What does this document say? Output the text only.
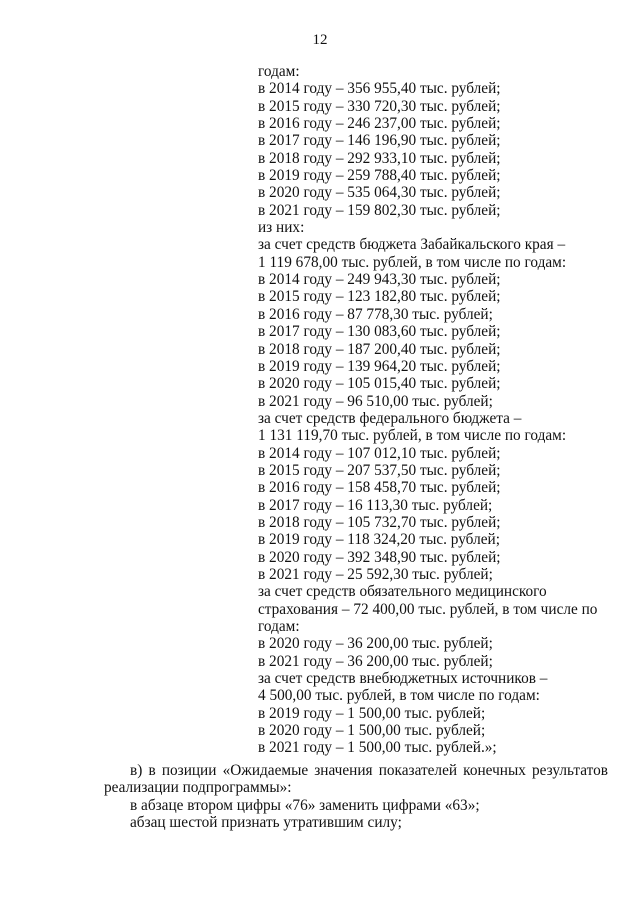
12
годам:
в 2014 году – 356 955,40 тыс. рублей;
в 2015 году – 330 720,30 тыс. рублей;
в 2016 году – 246 237,00 тыс. рублей;
в 2017 году – 146 196,90 тыс. рублей;
в 2018 году – 292 933,10 тыс. рублей;
в 2019 году – 259 788,40 тыс. рублей;
в 2020 году – 535 064,30 тыс. рублей;
в 2021 году – 159 802,30 тыс. рублей;
из них:
за счет средств бюджета Забайкальского края –
1 119 678,00 тыс. рублей, в том числе по годам:
в 2014 году – 249 943,30 тыс. рублей;
в 2015 году – 123 182,80 тыс. рублей;
в 2016 году – 87 778,30 тыс. рублей;
в 2017 году – 130 083,60 тыс. рублей;
в 2018 году – 187 200,40 тыс. рублей;
в 2019 году – 139 964,20 тыс. рублей;
в 2020 году – 105 015,40 тыс. рублей;
в 2021 году – 96 510,00 тыс. рублей;
за счет средств федерального бюджета –
1 131 119,70 тыс. рублей, в том числе по годам:
в 2014 году – 107 012,10 тыс. рублей;
в 2015 году – 207 537,50 тыс. рублей;
в 2016 году – 158 458,70 тыс. рублей;
в 2017 году – 16 113,30 тыс. рублей;
в 2018 году – 105 732,70 тыс. рублей;
в 2019 году – 118 324,20 тыс. рублей;
в 2020 году – 392 348,90 тыс. рублей;
в 2021 году – 25 592,30 тыс. рублей;
за счет средств обязательного медицинского
страхования – 72 400,00 тыс. рублей, в том числе по
годам:
в 2020 году – 36 200,00 тыс. рублей;
в 2021 году – 36 200,00 тыс. рублей;
за счет средств внебюджетных источников –
4 500,00 тыс. рублей, в том числе по годам:
в 2019 году – 1 500,00 тыс. рублей;
в 2020 году – 1 500,00 тыс. рублей;
в 2021 году – 1 500,00 тыс. рублей.»;
в) в позиции «Ожидаемые значения показателей конечных результатов
реализации подпрограммы»:
в абзаце втором цифры «76» заменить цифрами «63»;
абзац шестой признать утратившим силу;
